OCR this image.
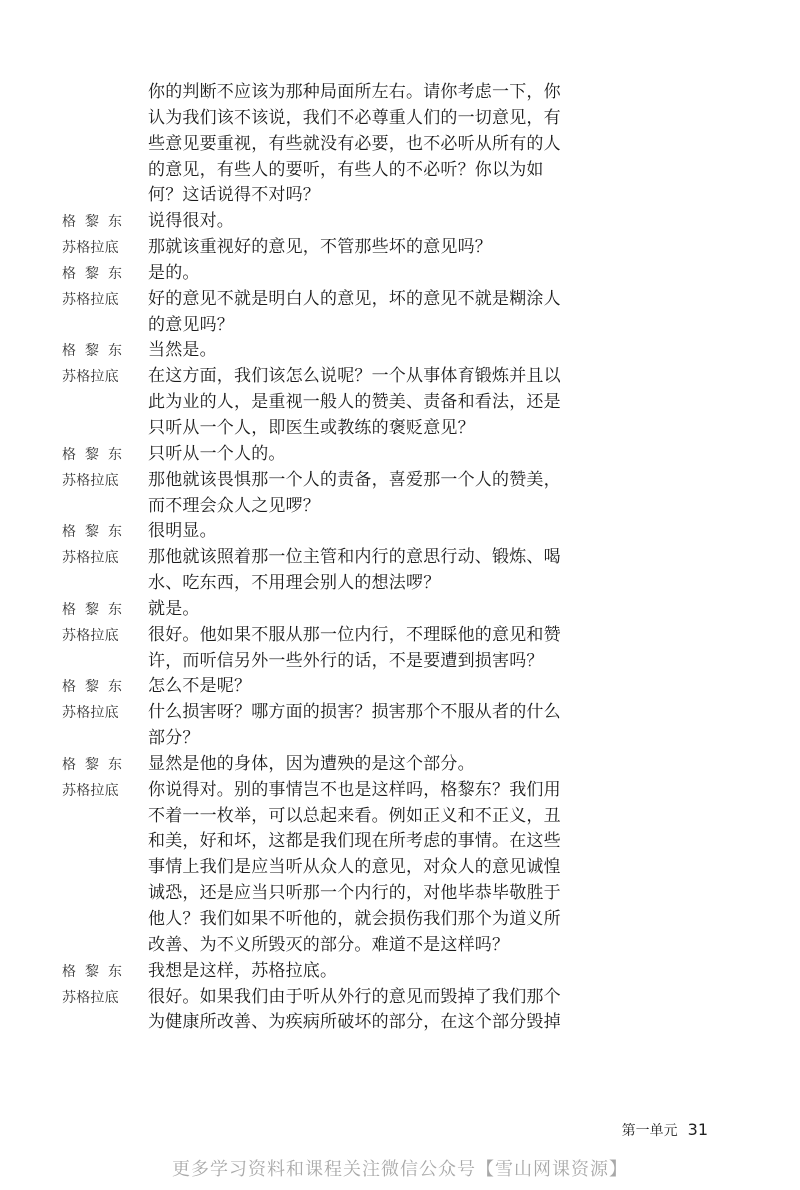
你的判断不应该为那种局面所左右。请你考虑一下，你
认为我们该不该说，我们不必尊重人们的一切意见，有
些意见要重视，有些就没有必要，也不必听从所有的人
的意见，有些人的要听，有些人的不必听？你以为如
何？这话说得不对吗？
格黎东 说得很对。
苏格拉底 那就该重视好的意见，不管那些坏的意见吗？
格黎东 是的。
苏格拉底 好的意见不就是明白人的意见，坏的意见不就是糊涂人
的意见吗？
格黎东 当然是。
苏格拉底 在这方面，我们该怎么说呢？一个从事体育锻炼并且以
此为业的人，是重视一般人的赞美、责备和看法，还是
只听从一个人，即医生或教练的褒贬意见？
格黎东 只听从一个人的。
苏格拉底 那他就该畏惧那一个人的责备，喜爱那一个人的赞美，
而不理会众人之见啰？
格黎东 很明显。
苏格拉底 那他就该照着那一位主管和内行的意思行动、锻炼、喝
水、吃东西，不用理会别人的想法啰？
格黎东 就是。
苏格拉底 很好。他如果不服从那一位内行，不理睬他的意见和赞
许，而听信另外一些外行的话，不是要遭到损害吗？
格黎东 怎么不是呢？
苏格拉底 什么损害呀？哪方面的损害？损害那个不服从者的什么
部分？
格黎东 显然是他的身体，因为遭殃的是这个部分。
苏格拉底 你说得对。别的事情岂不也是这样吗，格黎东？我们用
不着一一枚举，可以总起来看。例如正义和不正义，丑
和美，好和坏，这都是我们现在所考虑的事情。在这些
事情上我们是应当听从众人的意见，对众人的意见诚惶
诚恐，还是应当只听那一个内行的，对他毕恭毕敬胜于
他人？我们如果不听他的，就会损伤我们那个为道义所
改善、为不义所毁灭的部分。难道不是这样吗？
格黎东 我想是这样，苏格拉底。
苏格拉底 很好。如果我们由于听从外行的意见而毁掉了我们那个
为健康所改善、为疾病所破坏的部分，在这个部分毁掉
第一单元 31
更多学习资料和课程关注微信公众号【雪山网课资源】
